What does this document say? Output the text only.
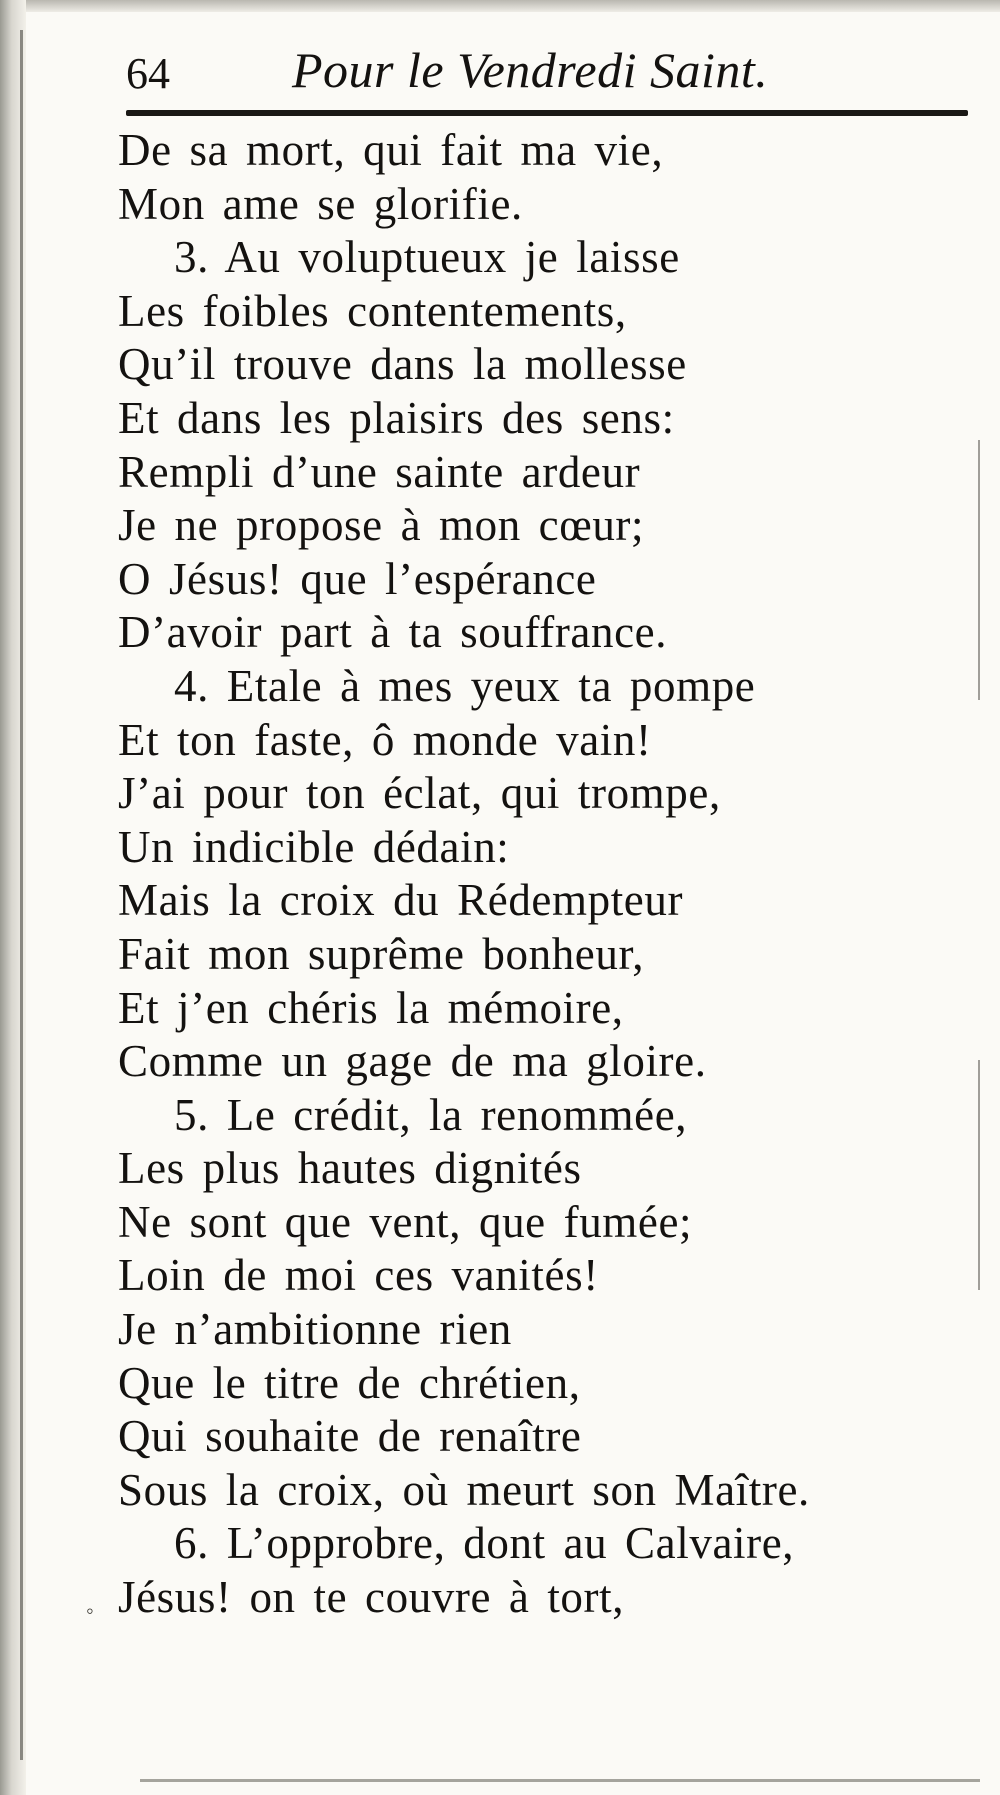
64 Pour le Vendredi Saint.
De sa mort, qui fait ma vie,
Mon ame se glorifie.
3. Au voluptueux je laisse
Les foibles contentements,
Qu’il trouve dans la mollesse
Et dans les plaisirs des sens:
Rempli d’une sainte ardeur
Je ne propose à mon cœur;
O Jésus! que l’espérance
D’avoir part à ta souffrance.
4. Etale à mes yeux ta pompe
Et ton faste, ô monde vain!
J’ai pour ton éclat, qui trompe,
Un indicible dédain:
Mais la croix du Rédempteur
Fait mon suprême bonheur,
Et j’en chéris la mémoire,
Comme un gage de ma gloire.
5. Le crédit, la renommée,
Les plus hautes dignités
Ne sont que vent, que fumée;
Loin de moi ces vanités!
Je n’ambitionne rien
Que le titre de chrétien,
Qui souhaite de renaître
Sous la croix, où meurt son Maître.
6. L’opprobre, dont au Calvaire,
Jésus! on te couvre à tort,
◦
